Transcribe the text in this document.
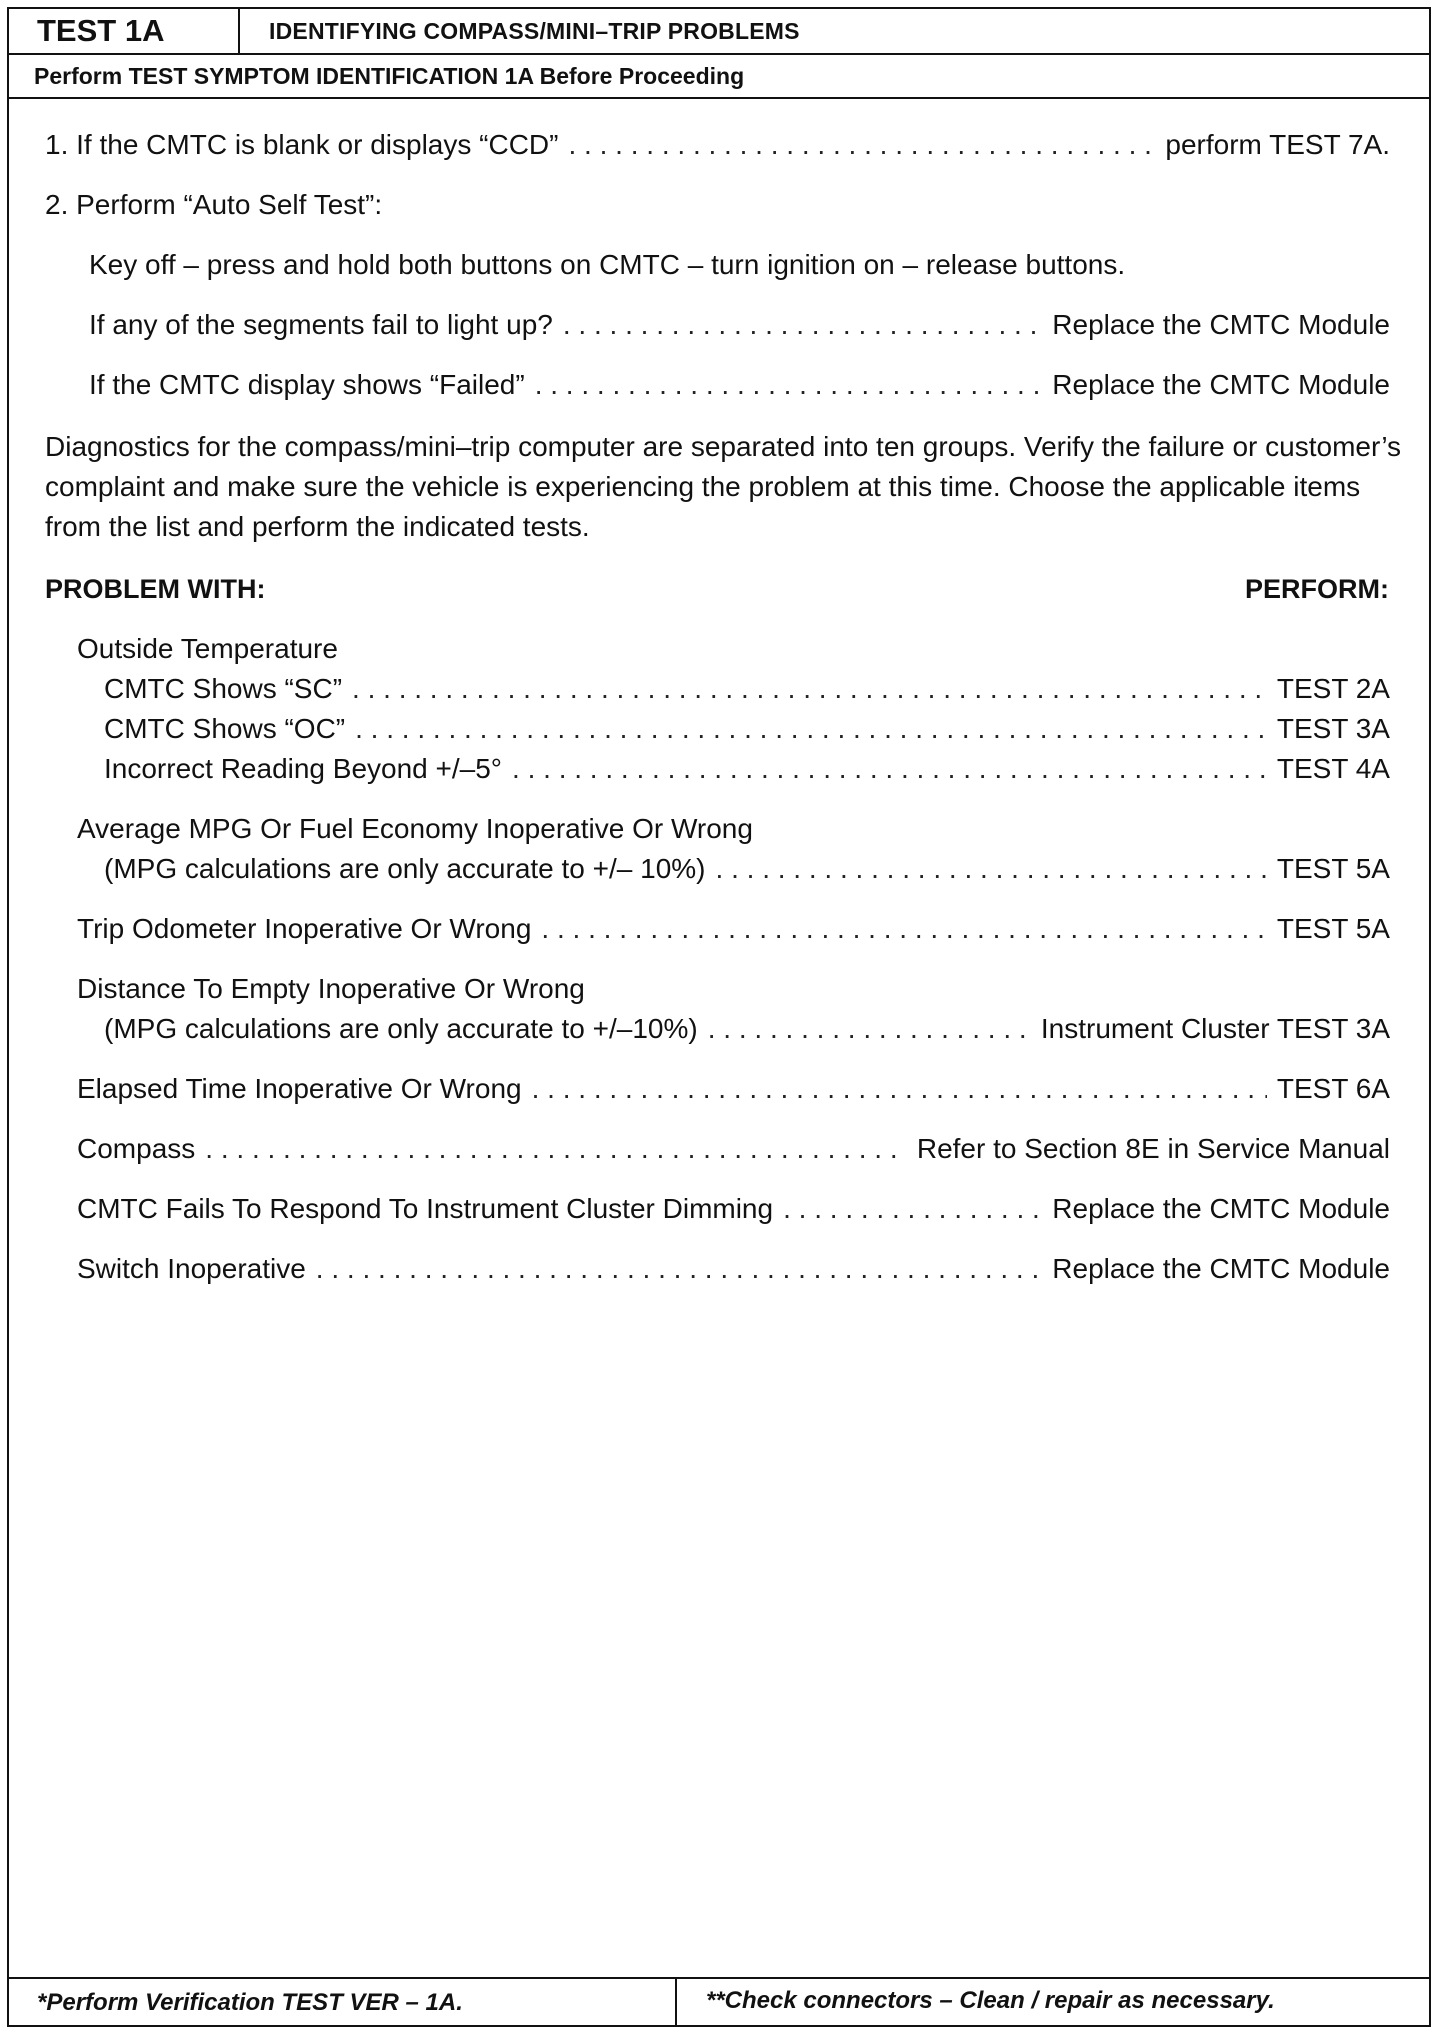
TEST 1A	IDENTIFYING COMPASS/MINI–TRIP PROBLEMS
Perform TEST SYMPTOM IDENTIFICATION 1A Before Proceeding
1. If the CMTC is blank or displays “CCD” . . .	perform TEST 7A.
2. Perform “Auto Self Test”:
Key off – press and hold both buttons on CMTC – turn ignition on – release buttons.
If any of the segments fail to light up? . . .	Replace the CMTC Module
If the CMTC display shows “Failed” . . .	Replace the CMTC Module
Diagnostics for the compass/mini–trip computer are separated into ten groups. Verify the failure or customer’s complaint and make sure the vehicle is experiencing the problem at this time. Choose the applicable items from the list and perform the indicated tests.
PROBLEM WITH:	PERFORM:
Outside Temperature
CMTC Shows “SC” . . .	TEST 2A
CMTC Shows “OC” . . .	TEST 3A
Incorrect Reading Beyond +/–5° . . .	TEST 4A
Average MPG Or Fuel Economy Inoperative Or Wrong
(MPG calculations are only accurate to +/– 10%) . . .	TEST 5A
Trip Odometer Inoperative Or Wrong . . .	TEST 5A
Distance To Empty Inoperative Or Wrong
(MPG calculations are only accurate to +/–10%) . . .	Instrument Cluster TEST 3A
Elapsed Time Inoperative Or Wrong . . .	TEST 6A
Compass . . .	Refer to Section 8E in Service Manual
CMTC Fails To Respond To Instrument Cluster Dimming . . .	Replace the CMTC Module
Switch Inoperative . . .	Replace the CMTC Module
*Perform Verification TEST VER – 1A.	**Check connectors – Clean / repair as necessary.
